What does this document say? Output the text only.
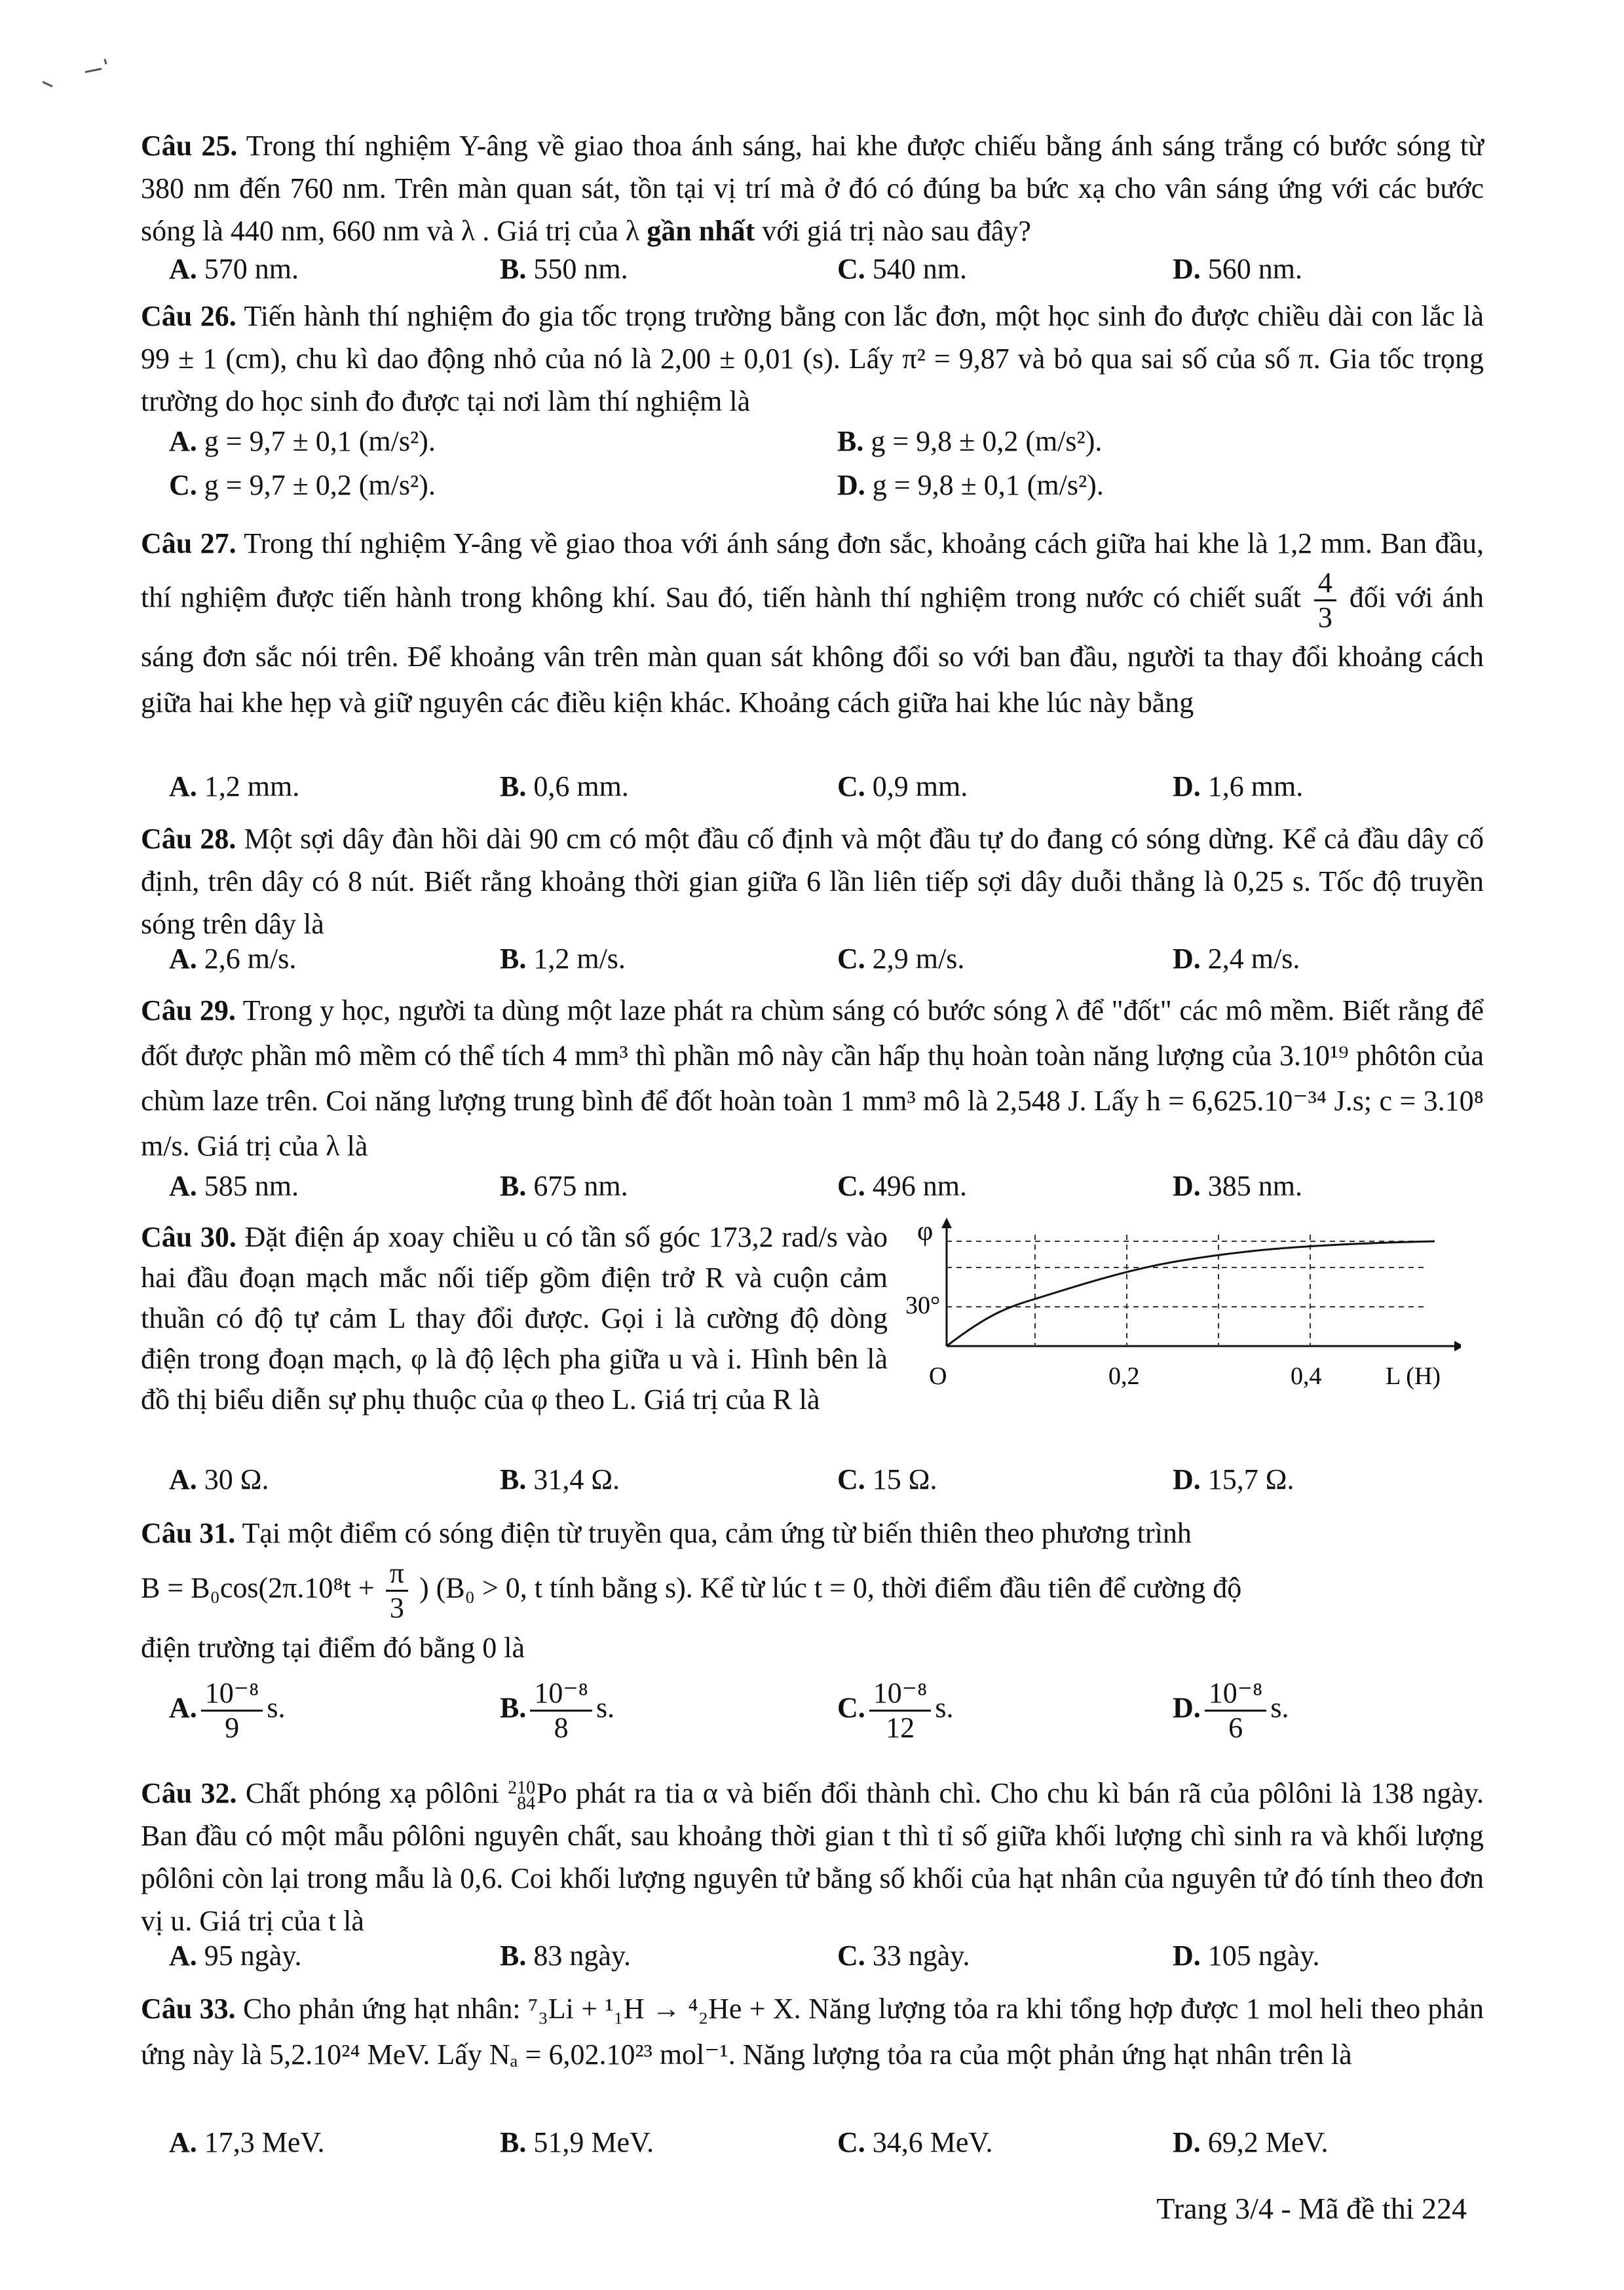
Câu 25. Trong thí nghiệm Y-âng về giao thoa ánh sáng, hai khe được chiếu bằng ánh sáng trắng có bước sóng từ 380 nm đến 760 nm. Trên màn quan sát, tồn tại vị trí mà ở đó có đúng ba bức xạ cho vân sáng ứng với các bước sóng là 440 nm, 660 nm và λ . Giá trị của λ gần nhất với giá trị nào sau đây?
A. 570 nm.	B. 550 nm.	C. 540 nm.	D. 560 nm.
Câu 26. Tiến hành thí nghiệm đo gia tốc trọng trường bằng con lắc đơn, một học sinh đo được chiều dài con lắc là 99 ± 1 (cm), chu kì dao động nhỏ của nó là 2,00 ± 0,01 (s). Lấy π² = 9,87 và bỏ qua sai số của số π. Gia tốc trọng trường do học sinh đo được tại nơi làm thí nghiệm là
A. g = 9,7 ± 0,1 (m/s²).	B. g = 9,8 ± 0,2 (m/s²).
C. g = 9,7 ± 0,2 (m/s²).	D. g = 9,8 ± 0,1 (m/s²).
Câu 27. Trong thí nghiệm Y-âng về giao thoa với ánh sáng đơn sắc, khoảng cách giữa hai khe là 1,2 mm. Ban đầu, thí nghiệm được tiến hành trong không khí. Sau đó, tiến hành thí nghiệm trong nước có chiết suất $\frac{4}{3}$ đối với ánh sáng đơn sắc nói trên. Để khoảng vân trên màn quan sát không đổi so với ban đầu, người ta thay đổi khoảng cách giữa hai khe hẹp và giữ nguyên các điều kiện khác. Khoảng cách giữa hai khe lúc này bằng
A. 1,2 mm.	B. 0,6 mm.	C. 0,9 mm.	D. 1,6 mm.
Câu 28. Một sợi dây đàn hồi dài 90 cm có một đầu cố định và một đầu tự do đang có sóng dừng. Kể cả đầu dây cố định, trên dây có 8 nút. Biết rằng khoảng thời gian giữa 6 lần liên tiếp sợi dây duỗi thẳng là 0,25 s. Tốc độ truyền sóng trên dây là
A. 2,6 m/s.	B. 1,2 m/s.	C. 2,9 m/s.	D. 2,4 m/s.
Câu 29. Trong y học, người ta dùng một laze phát ra chùm sáng có bước sóng λ để "đốt" các mô mềm. Biết rằng để đốt được phần mô mềm có thể tích 4 mm³ thì phần mô này cần hấp thụ hoàn toàn năng lượng của 3.10¹⁹ phôtôn của chùm laze trên. Coi năng lượng trung bình để đốt hoàn toàn 1 mm³ mô là 2,548 J. Lấy h = 6,625.10⁻³⁴ J.s; c = 3.10⁸ m/s. Giá trị của λ là
A. 585 nm.	B. 675 nm.	C. 496 nm.	D. 385 nm.
Câu 30. Đặt điện áp xoay chiều u có tần số góc 173,2 rad/s vào hai đầu đoạn mạch mắc nối tiếp gồm điện trở R và cuộn cảm thuần có độ tự cảm L thay đổi được. Gọi i là cường độ dòng điện trong đoạn mạch, φ là độ lệch pha giữa u và i. Hình bên là đồ thị biểu diễn sự phụ thuộc của φ theo L. Giá trị của R là
φ
30°
O	0,2	0,4	L (H)
A. 30 Ω.	B. 31,4 Ω.	C. 15 Ω.	D. 15,7 Ω.
Câu 31. Tại một điểm có sóng điện từ truyền qua, cảm ứng từ biến thiên theo phương trình
$B = B_0\cos(2\pi.10^8t + \frac{\pi}{3}$ ) (B₀ > 0, t tính bằng s). Kể từ lúc t = 0, thời điểm đầu tiên để cường độ
điện trường tại điểm đó bằng 0 là
A. $\frac{\text{10⁻⁸}}{9} s$.	B. $\frac{\text{10⁻⁸}}{8} s$.	C. $\frac{\text{10⁻⁸}}{12} s$.	D. $\frac{\text{10⁻⁸}}{6} s$.
Câu 32. Chất phóng xạ pôlôni 210
84 Po phát ra tia α và biến đổi thành chì. Cho chu kì bán rã của pôlôni là 138 ngày. Ban đầu có một mẫu pôlôni nguyên chất, sau khoảng thời gian t thì tỉ số giữa khối lượng chì sinh ra và khối lượng pôlôni còn lại trong mẫu là 0,6. Coi khối lượng nguyên tử bằng số khối của hạt nhân của nguyên tử đó tính theo đơn vị u. Giá trị của t là
A. 95 ngày.	B. 83 ngày.	C. 33 ngày.	D. 105 ngày.
Câu 33. Cho phản ứng hạt nhân: ⁷₃Li + ¹₁H → ⁴₂He + X. Năng lượng tỏa ra khi tổng hợp được 1 mol heli theo phản ứng này là 5,2.10²⁴ MeV. Lấy Nₐ = 6,02.10²³ mol⁻¹. Năng lượng tỏa ra của một phản ứng hạt nhân trên là
A. 17,3 MeV.	B. 51,9 MeV.	C. 34,6 MeV.	D. 69,2 MeV.
Trang 3/4 - Mã đề thi 224
